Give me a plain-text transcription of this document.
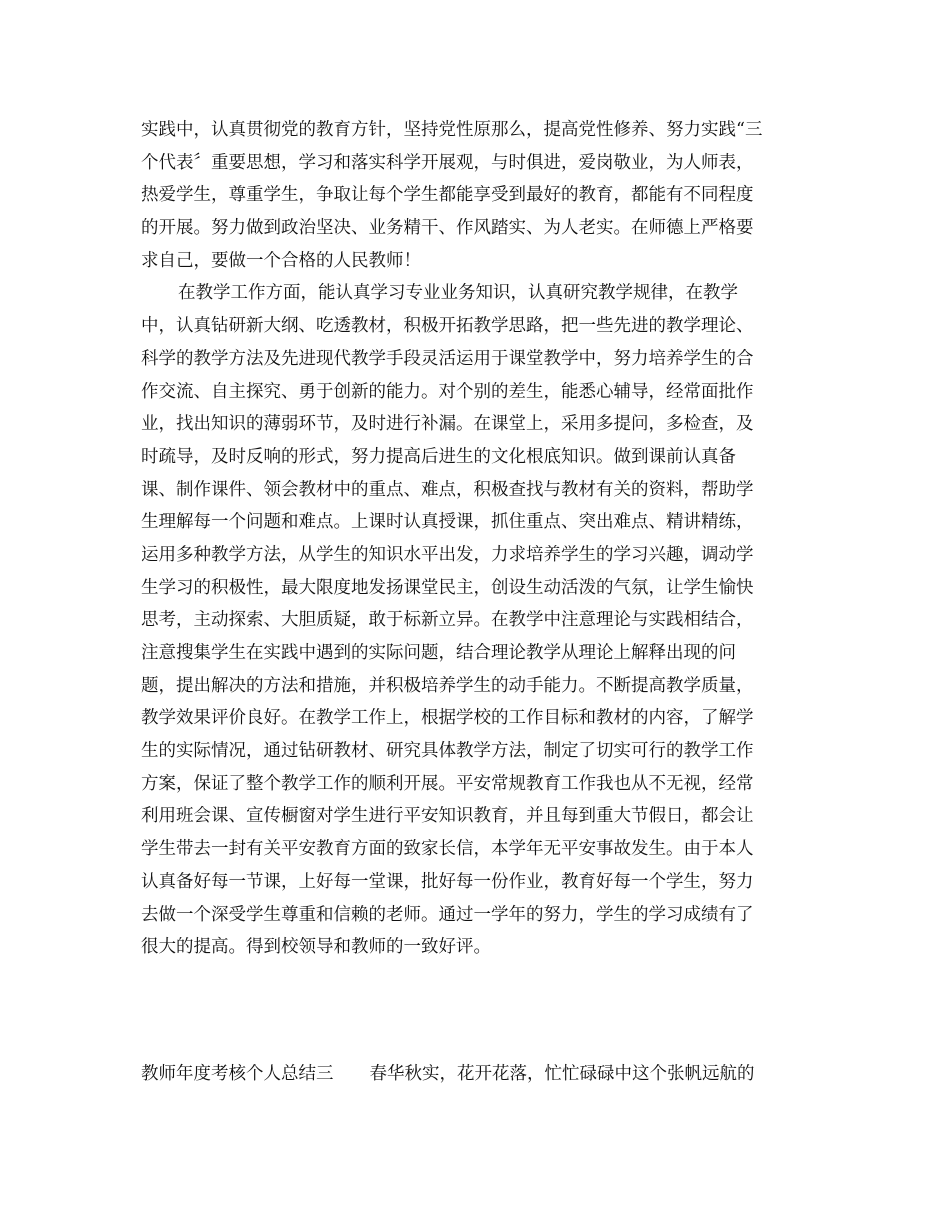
实践中，认真贯彻党的教育方针，坚持党性原那么，提高党性修养、努力实践“三
个代表〞重要思想，学习和落实科学开展观，与时俱进，爱岗敬业，为人师表，
热爱学生，尊重学生，争取让每个学生都能享受到最好的教育，都能有不同程度
的开展。努力做到政治坚决、业务精干、作风踏实、为人老实。在师德上严格要
求自己，要做一个合格的人民教师！
在教学工作方面，能认真学习专业业务知识，认真研究教学规律，在教学
中，认真钻研新大纲、吃透教材，积极开拓教学思路，把一些先进的教学理论、
科学的教学方法及先进现代教学手段灵活运用于课堂教学中，努力培养学生的合
作交流、自主探究、勇于创新的能力。对个别的差生，能悉心辅导，经常面批作
业，找出知识的薄弱环节，及时进行补漏。在课堂上，采用多提问，多检查，及
时疏导，及时反响的形式，努力提高后进生的文化根底知识。做到课前认真备
课、制作课件、领会教材中的重点、难点，积极查找与教材有关的资料，帮助学
生理解每一个问题和难点。上课时认真授课，抓住重点、突出难点、精讲精练，
运用多种教学方法，从学生的知识水平出发，力求培养学生的学习兴趣，调动学
生学习的积极性，最大限度地发扬课堂民主，创设生动活泼的气氛，让学生愉快
思考，主动探索、大胆质疑，敢于标新立异。在教学中注意理论与实践相结合，
注意搜集学生在实践中遇到的实际问题，结合理论教学从理论上解释出现的问
题，提出解决的方法和措施，并积极培养学生的动手能力。不断提高教学质量，
教学效果评价良好。在教学工作上，根据学校的工作目标和教材的内容，了解学
生的实际情况，通过钻研教材、研究具体教学方法，制定了切实可行的教学工作
方案，保证了整个教学工作的顺利开展。平安常规教育工作我也从不无视，经常
利用班会课、宣传橱窗对学生进行平安知识教育，并且每到重大节假日，都会让
学生带去一封有关平安教育方面的致家长信，本学年无平安事故发生。由于本人
认真备好每一节课，上好每一堂课，批好每一份作业，教育好每一个学生，努力
去做一个深受学生尊重和信赖的老师。通过一学年的努力，学生的学习成绩有了
很大的提高。得到校领导和教师的一致好评。
教师年度考核个人总结三 春华秋实，花开花落，忙忙碌碌中这个张帆远航的
